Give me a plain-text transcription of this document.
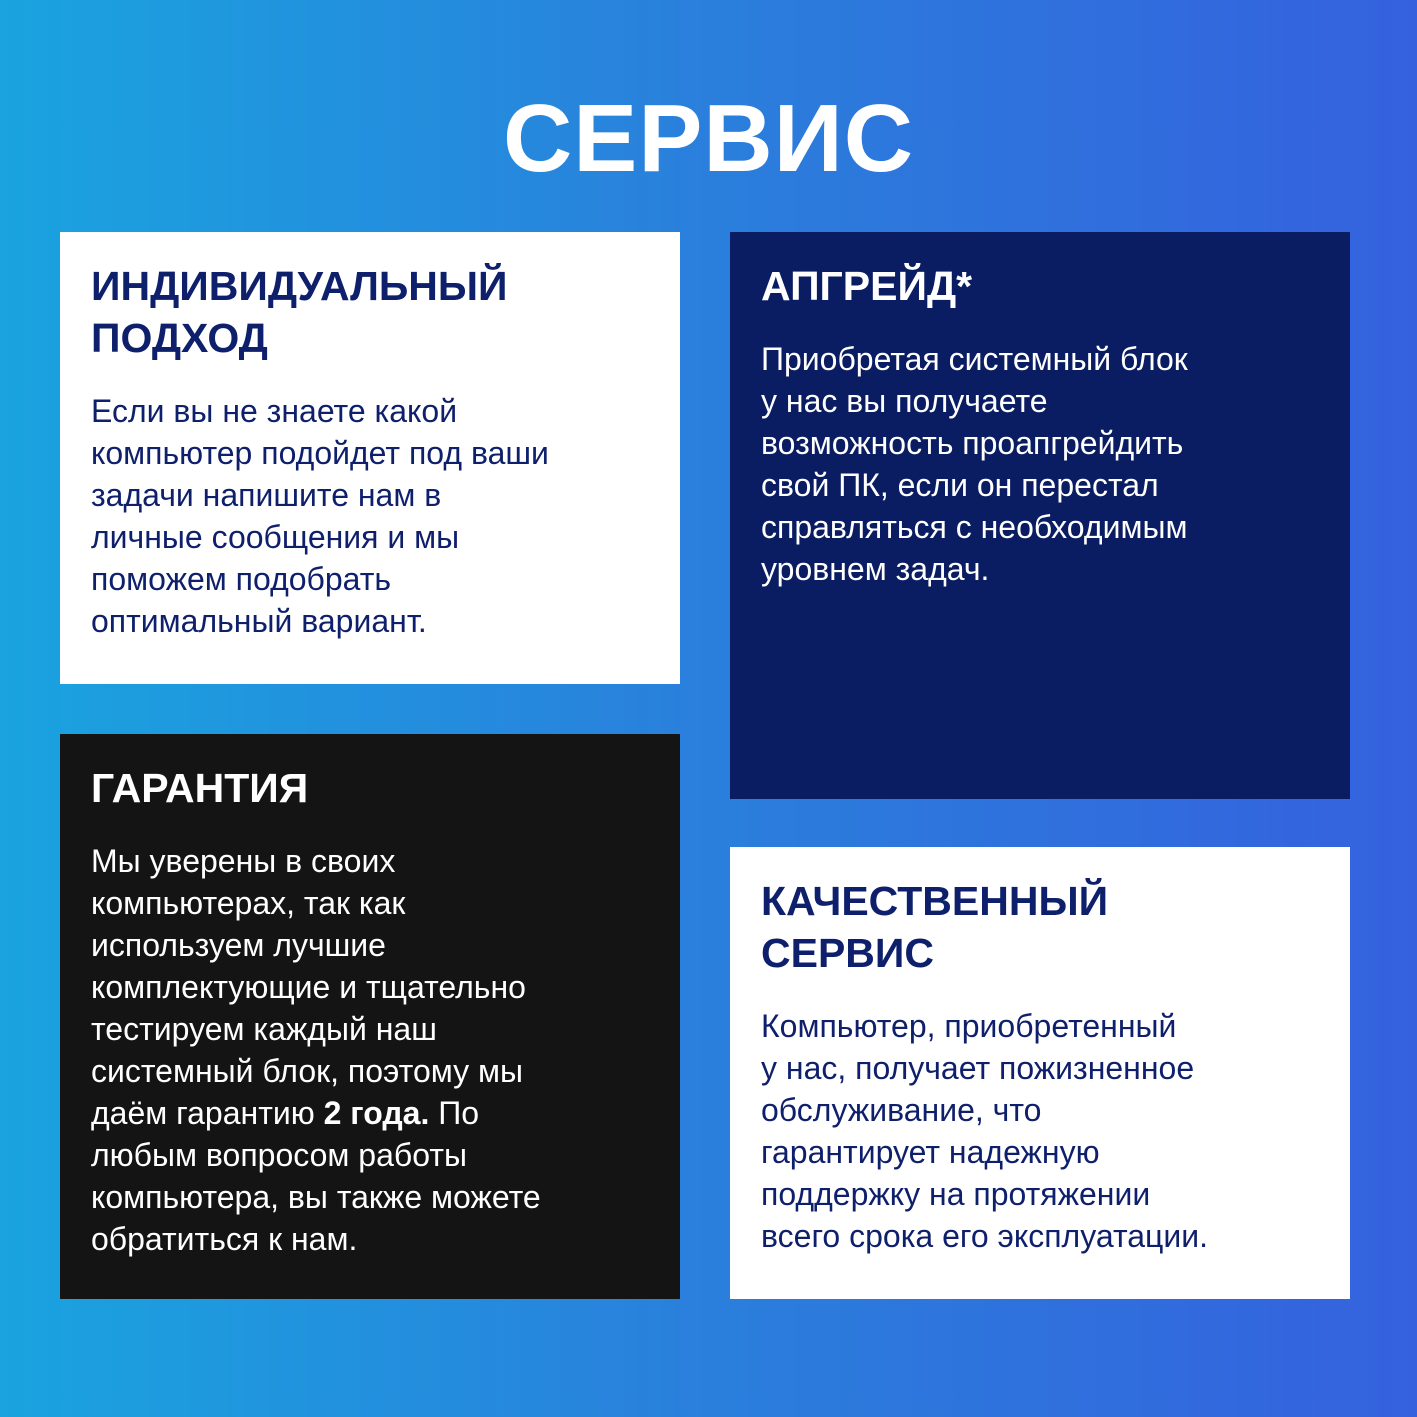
СЕРВИС
ИНДИВИДУАЛЬНЫЙ
ПОДХОД

Если вы не знаете какой
компьютер подойдет под ваши
задачи напишите нам в
личные сообщения и мы
поможем подобрать
оптимальный вариант.

АПГРЕЙД*

Приобретая системный блок
у нас вы получаете
возможность проапгрейдить
свой ПК, если он перестал
справляться с необходимым
уровнем задач.

ГАРАНТИЯ

Мы уверены в своих
компьютерах, так как
используем лучшие
комплектующие и тщательно
тестируем каждый наш
системный блок, поэтому мы
даём гарантию 2 года. По
любым вопросом работы
компьютера, вы также можете
обратиться к нам.

КАЧЕСТВЕННЫЙ
СЕРВИС

Компьютер, приобретенный
у нас, получает пожизненное
обслуживание, что
гарантирует надежную
поддержку на протяжении
всего срока его эксплуатации.
